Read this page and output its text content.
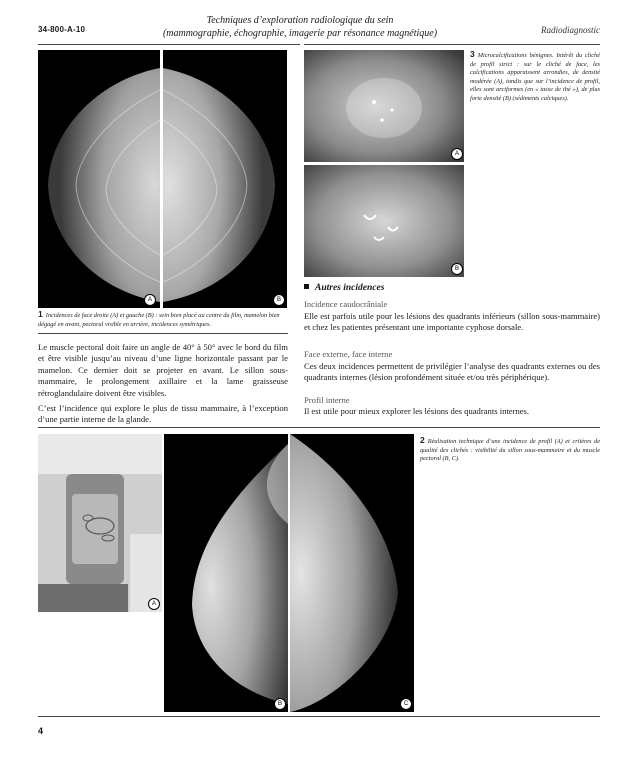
34-800-A-10
Techniques d’exploration radiologique du sein
(mammographie, échographie, imagerie par résonance magnétique)	Radiodiagnostic
A	B
1 Incidences de face droite (A) et gauche (B) : sein bien placé au centre du film, mamelon bien dégagé en avant, pectoral visible en arrière, incidences symétriques.

Le muscle pectoral doit faire un angle de 40° à 50° avec le bord du film et être visible jusqu’au niveau d’une ligne horizontale passant par le mamelon. Ce dernier doit se projeter en avant. Le sillon sous-mammaire, le prolongement axillaire et la lame graisseuse rétroglandulaire doivent être visibles.

C’est l’incidence qui explore le plus de tissu mammaire, à l’exception d’une partie interne de la glande.

A
B
3 Microcalcifications bénignes. Intérêt du cliché de profil strict : sur le cliché de face, les calcifications apparaissent arrondies, de densité modérée (A), tandis que sur l’incidence de profil, elles sont arciformes (en « tasse de thé »), de plus forte densité (B) (sédiments calciques).
Autres incidences
Incidence caudocrâniale
Elle est parfois utile pour les lésions des quadrants inférieurs (sillon sous-mammaire) et chez les patientes présentant une importante cyphose dorsale.
Face externe, face interne
Ces deux incidences permettent de privilégier l’analyse des quadrants externes ou des quadrants internes (lésion profondément située et/ou très périphérique).
Profil interne
Il est utile pour mieux explorer les lésions des quadrants internes.
A
B	C
2 Réalisation technique d’une incidence de profil (A) et critères de qualité des clichés : visibilité du sillon sous-mammaire et du muscle pectoral (B, C).
4
